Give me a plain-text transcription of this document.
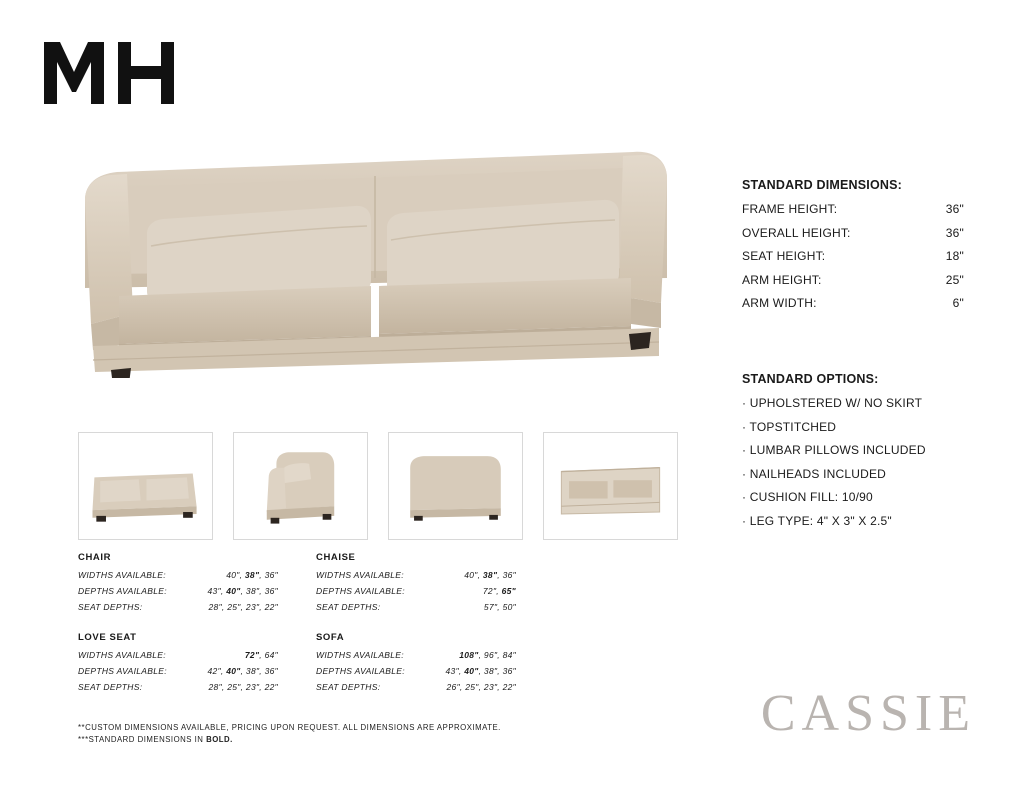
STANDARD DIMENSIONS:
FRAME HEIGHT:	36"
OVERALL HEIGHT:	36"
SEAT HEIGHT:	18"
ARM HEIGHT:	25"
ARM WIDTH:	6"
STANDARD OPTIONS:
· UPHOLSTERED W/ NO SKIRT
· TOPSTITCHED
· LUMBAR PILLOWS INCLUDED
· NAILHEADS INCLUDED
· CUSHION FILL: 10/90
· LEG TYPE: 4" X 3" X 2.5"
CHAIR
WIDTHS AVAILABLE:	40", 38", 36"
DEPTHS AVAILABLE:	43", 40", 38", 36"
SEAT DEPTHS:	28", 25", 23", 22"
CHAISE
WIDTHS AVAILABLE:	40", 38", 36"
DEPTHS AVAILABLE:	72", 65"
SEAT DEPTHS:	57", 50"
LOVE SEAT
WIDTHS AVAILABLE:	72", 64"
DEPTHS AVAILABLE:	42", 40", 38", 36"
SEAT DEPTHS:	28", 25", 23", 22"
SOFA
WIDTHS AVAILABLE:	108", 96", 84"
DEPTHS AVAILABLE:	43", 40", 38", 36"
SEAT DEPTHS:	26", 25", 23", 22"
**CUSTOM DIMENSIONS AVAILABLE, PRICING UPON REQUEST. ALL DIMENSIONS ARE APPROXIMATE.
***STANDARD DIMENSIONS IN BOLD.	CASSIE
